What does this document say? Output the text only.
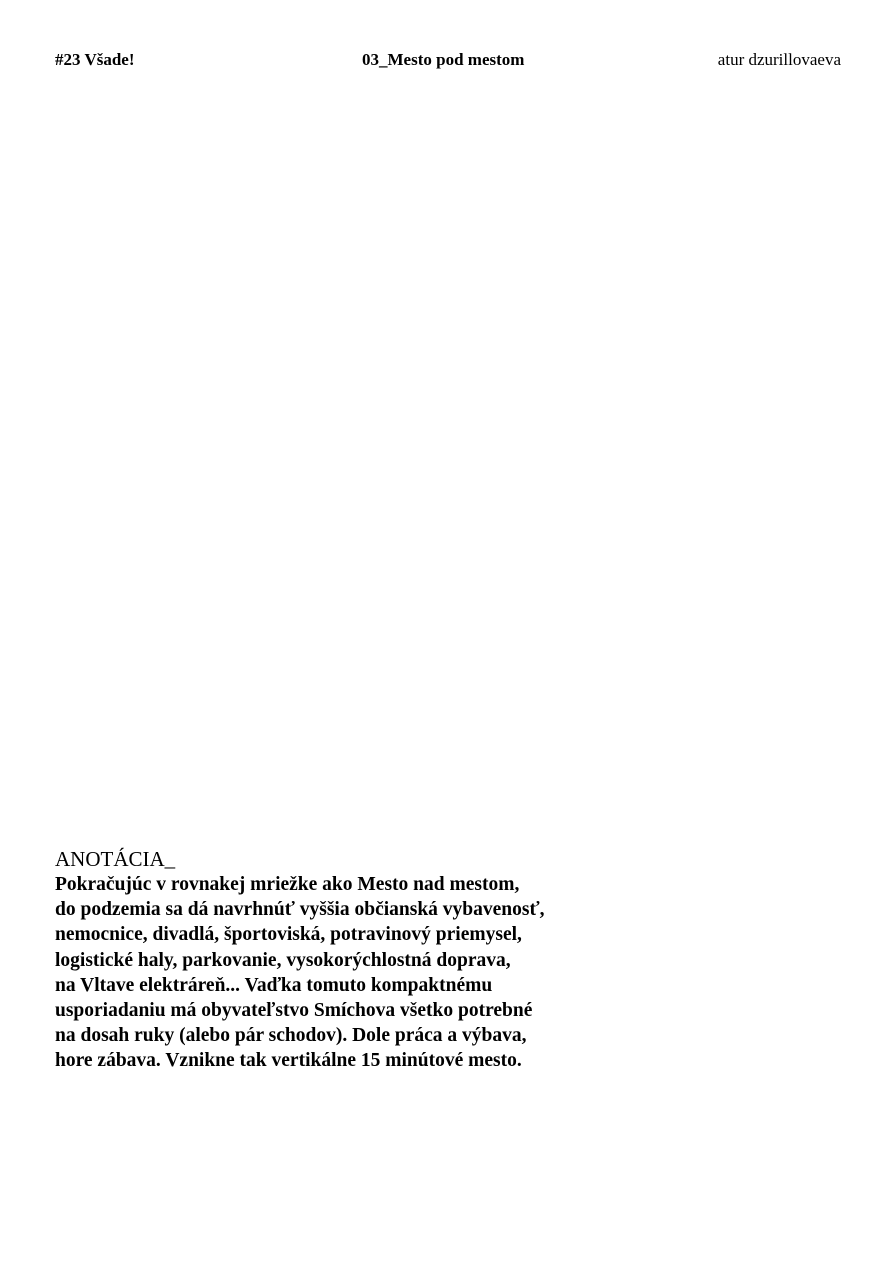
#23 Všade!	03_Mesto pod mestom	atur dzurillovaeva
ANOTÁCIA_
Pokračujúc v rovnakej mriežke ako Mesto nad mestom,
do podzemia sa dá navrhnúť vyššia občianská vybavenosť,
nemocnice, divadlá, športoviská, potravinový priemysel,
logistické haly, parkovanie, vysokorýchlostná doprava,
na Vltave elektráreň... Vaďka tomuto kompaktnému
usporiadaniu má obyvateľstvo Smíchova všetko potrebné
na dosah ruky (alebo pár schodov). Dole práca a výbava,
hore zábava. Vznikne tak vertikálne 15 minútové mesto.
